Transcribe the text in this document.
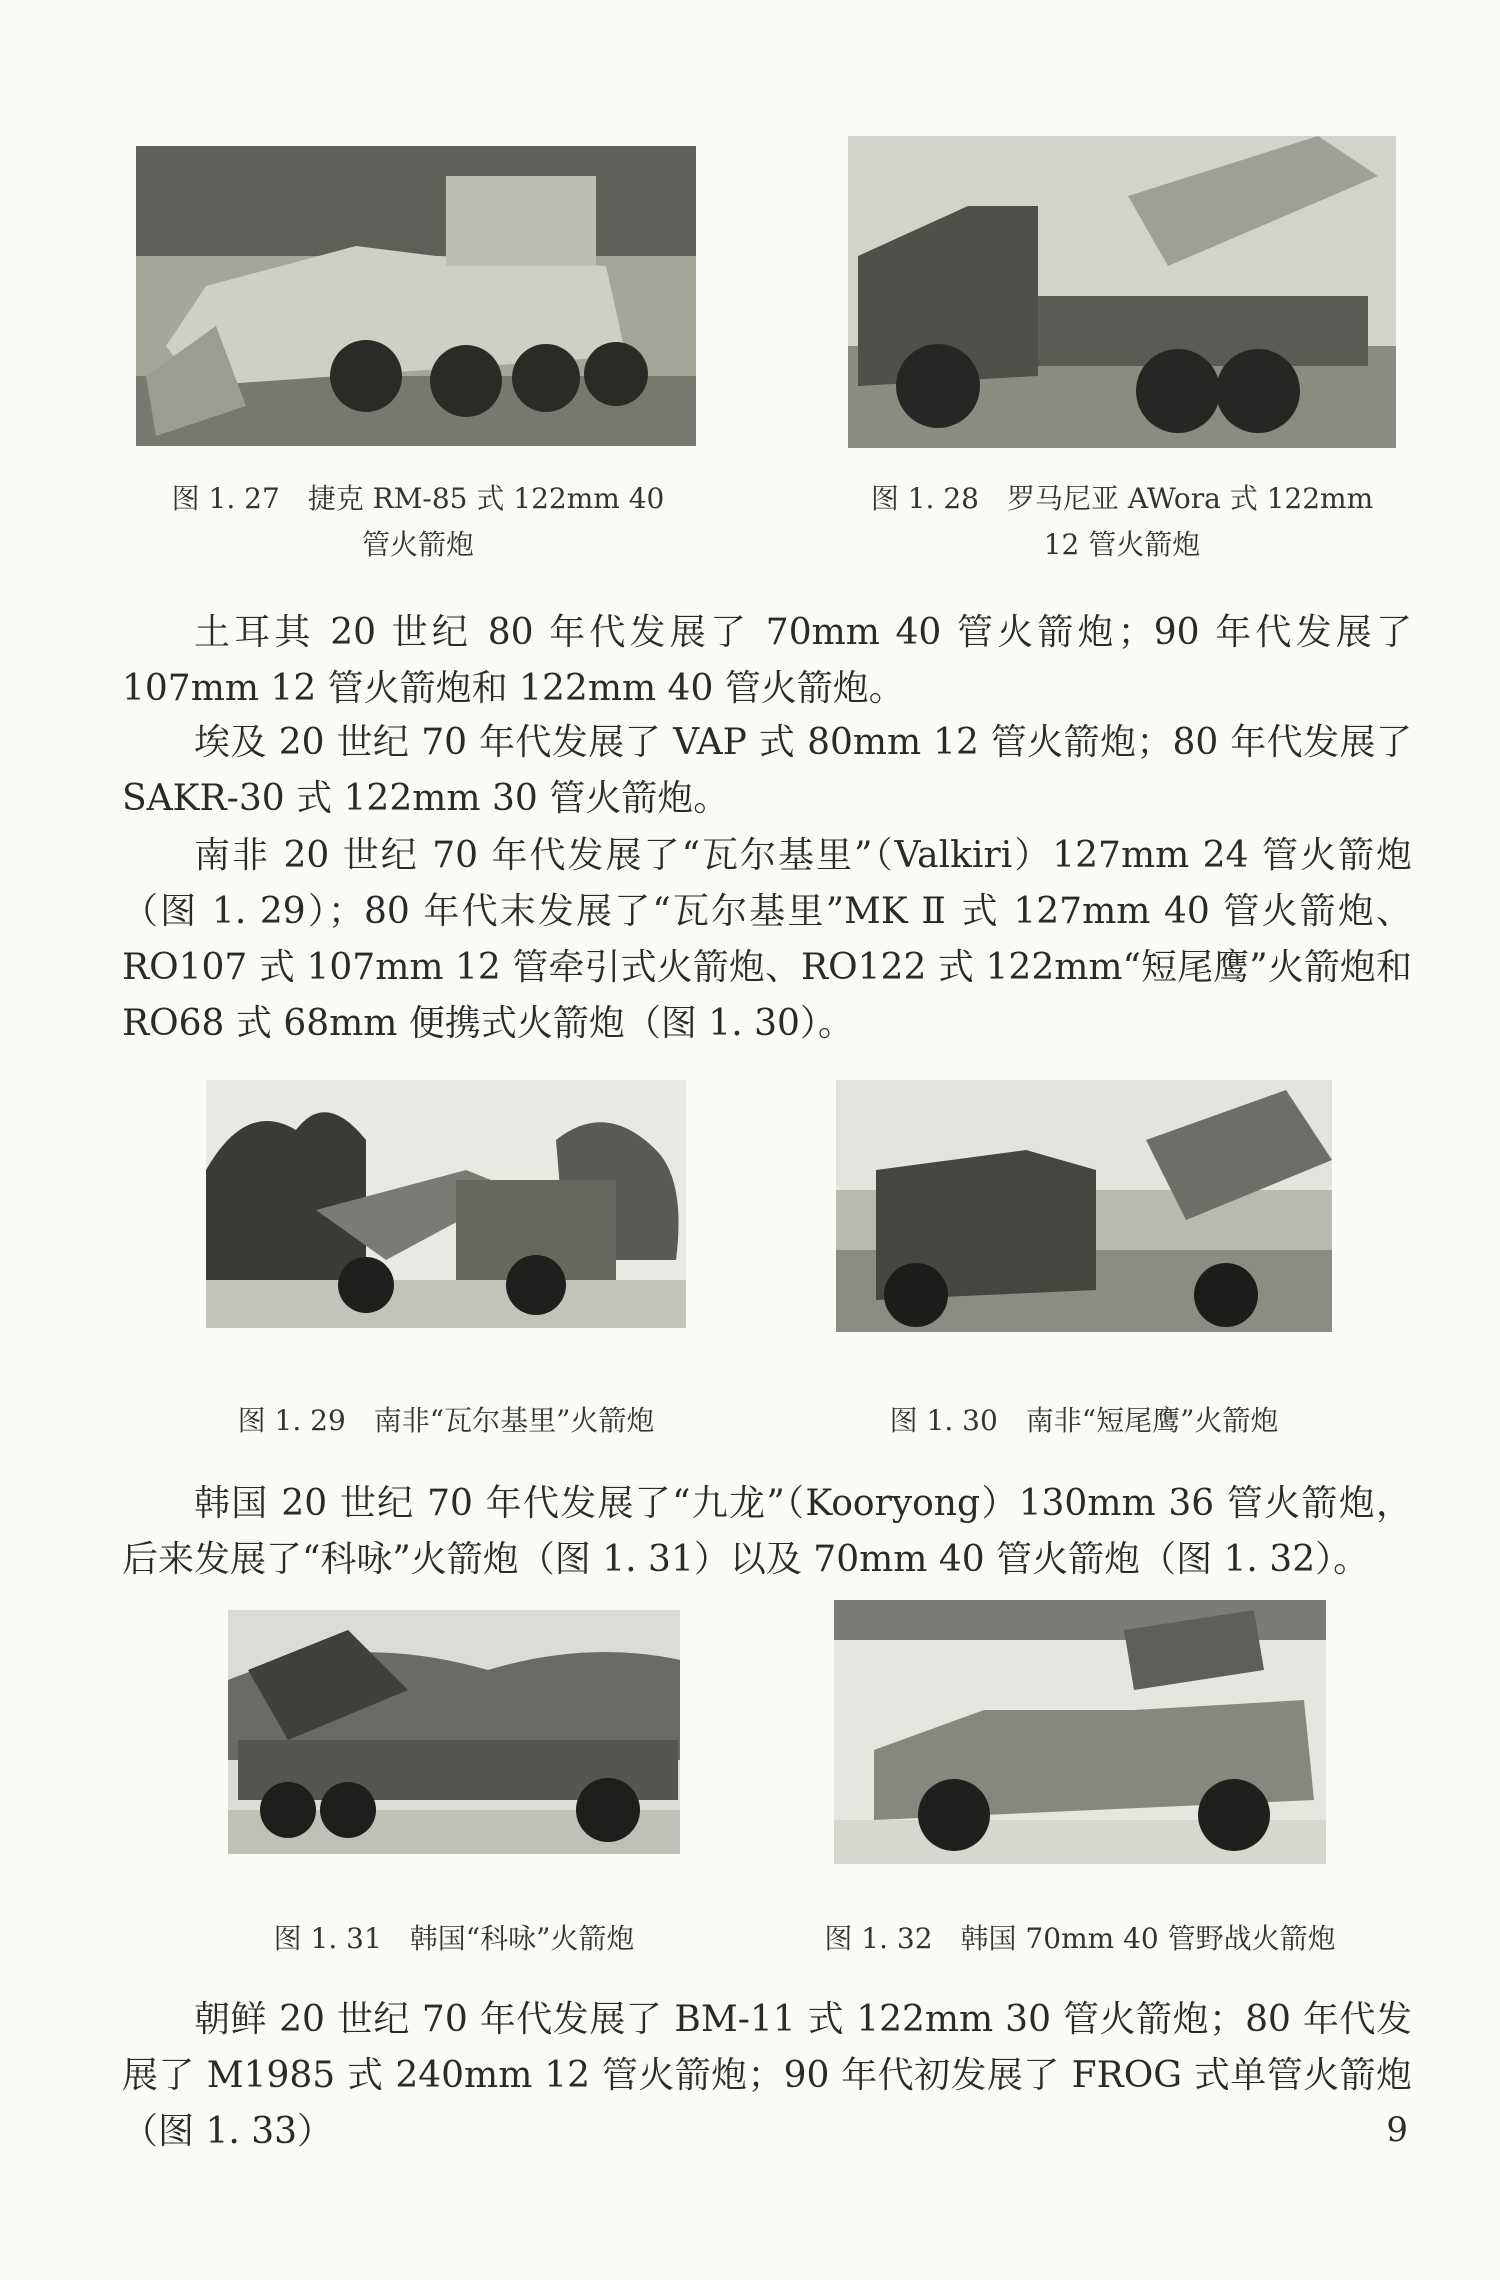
图 1. 27　捷克 RM-85 式 122mm 40
管火箭炮
图 1. 28　罗马尼亚 AWora 式 122mm
12 管火箭炮

土耳其 20 世纪 80 年代发展了 70mm 40 管火箭炮；90 年代发展了 107mm 12 管火箭炮和 122mm 40 管火箭炮。

埃及 20 世纪 70 年代发展了 VAP 式 80mm 12 管火箭炮；80 年代发展了 SAKR-30 式 122mm 30 管火箭炮。

南非 20 世纪 70 年代发展了“瓦尔基里”（Valkiri）127mm 24 管火箭炮（图 1. 29）；80 年代末发展了“瓦尔基里”MK Ⅱ 式 127mm 40 管火箭炮、RO107 式 107mm 12 管牵引式火箭炮、RO122 式 122mm“短尾鹰”火箭炮和 RO68 式 68mm 便携式火箭炮（图 1. 30）。

图 1. 29　南非“瓦尔基里”火箭炮	图 1. 30　南非“短尾鹰”火箭炮

韩国 20 世纪 70 年代发展了“九龙”（Kooryong）130mm 36 管火箭炮，后来发展了“科咏”火箭炮（图 1. 31）以及 70mm 40 管火箭炮（图 1. 32）。

图 1. 31　韩国“科咏”火箭炮	图 1. 32　韩国 70mm 40 管野战火箭炮

朝鲜 20 世纪 70 年代发展了 BM-11 式 122mm 30 管火箭炮；80 年代发展了 M1985 式 240mm 12 管火箭炮；90 年代初发展了 FROG 式单管火箭炮（图 1. 33）	9
